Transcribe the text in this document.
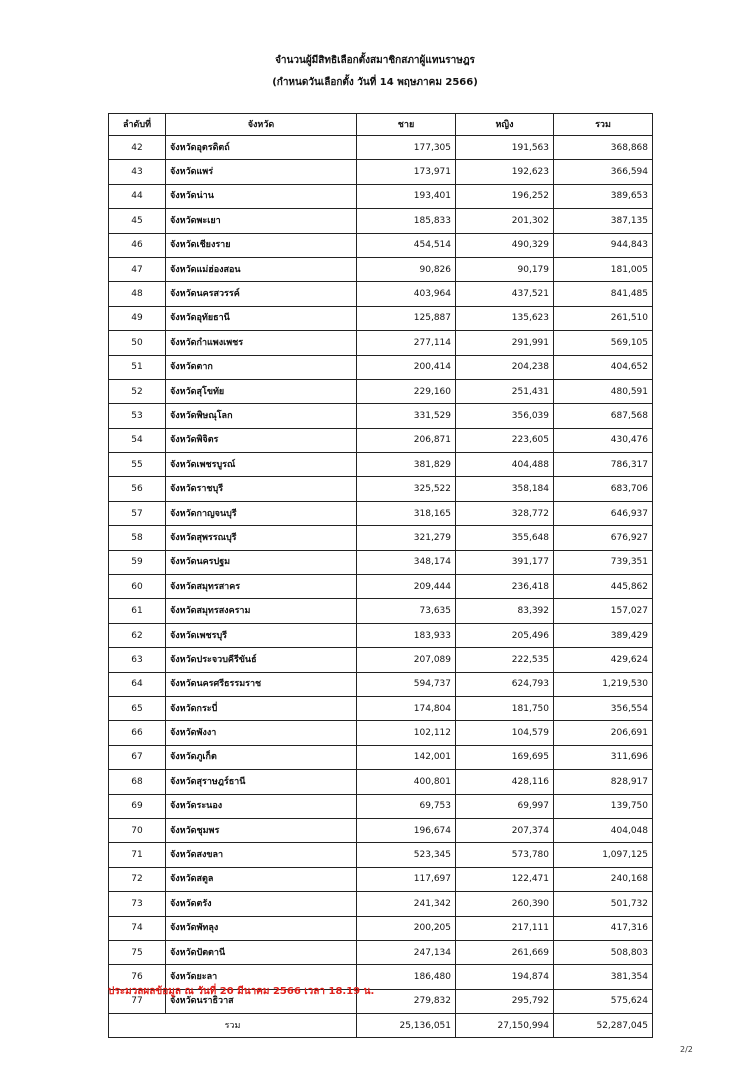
จำนวนผู้มีสิทธิเลือกตั้งสมาชิกสภาผู้แทนราษฎร
(กำหนดวันเลือกตั้ง วันที่ 14 พฤษภาคม 2566)
ลำดับที่	จังหวัด	ชาย	หญิง	รวม
42	จังหวัดอุตรดิตถ์	177,305	191,563	368,868
43	จังหวัดแพร่	173,971	192,623	366,594
44	จังหวัดน่าน	193,401	196,252	389,653
45	จังหวัดพะเยา	185,833	201,302	387,135
46	จังหวัดเชียงราย	454,514	490,329	944,843
47	จังหวัดแม่ฮ่องสอน	90,826	90,179	181,005
48	จังหวัดนครสวรรค์	403,964	437,521	841,485
49	จังหวัดอุทัยธานี	125,887	135,623	261,510
50	จังหวัดกำแพงเพชร	277,114	291,991	569,105
51	จังหวัดตาก	200,414	204,238	404,652
52	จังหวัดสุโขทัย	229,160	251,431	480,591
53	จังหวัดพิษณุโลก	331,529	356,039	687,568
54	จังหวัดพิจิตร	206,871	223,605	430,476
55	จังหวัดเพชรบูรณ์	381,829	404,488	786,317
56	จังหวัดราชบุรี	325,522	358,184	683,706
57	จังหวัดกาญจนบุรี	318,165	328,772	646,937
58	จังหวัดสุพรรณบุรี	321,279	355,648	676,927
59	จังหวัดนครปฐม	348,174	391,177	739,351
60	จังหวัดสมุทรสาคร	209,444	236,418	445,862
61	จังหวัดสมุทรสงคราม	73,635	83,392	157,027
62	จังหวัดเพชรบุรี	183,933	205,496	389,429
63	จังหวัดประจวบคีรีขันธ์	207,089	222,535	429,624
64	จังหวัดนครศรีธรรมราช	594,737	624,793	1,219,530
65	จังหวัดกระบี่	174,804	181,750	356,554
66	จังหวัดพังงา	102,112	104,579	206,691
67	จังหวัดภูเก็ต	142,001	169,695	311,696
68	จังหวัดสุราษฎร์ธานี	400,801	428,116	828,917
69	จังหวัดระนอง	69,753	69,997	139,750
70	จังหวัดชุมพร	196,674	207,374	404,048
71	จังหวัดสงขลา	523,345	573,780	1,097,125
72	จังหวัดสตูล	117,697	122,471	240,168
73	จังหวัดตรัง	241,342	260,390	501,732
74	จังหวัดพัทลุง	200,205	217,111	417,316
75	จังหวัดปัตตานี	247,134	261,669	508,803
76	จังหวัดยะลา	186,480	194,874	381,354
77	จังหวัดนราธิวาส	279,832	295,792	575,624
รวม		25,136,051	27,150,994	52,287,045
ประมวลผลข้อมูล ณ วันที่ 20 มีนาคม 2566 เวลา 18.19 น.
2/2
